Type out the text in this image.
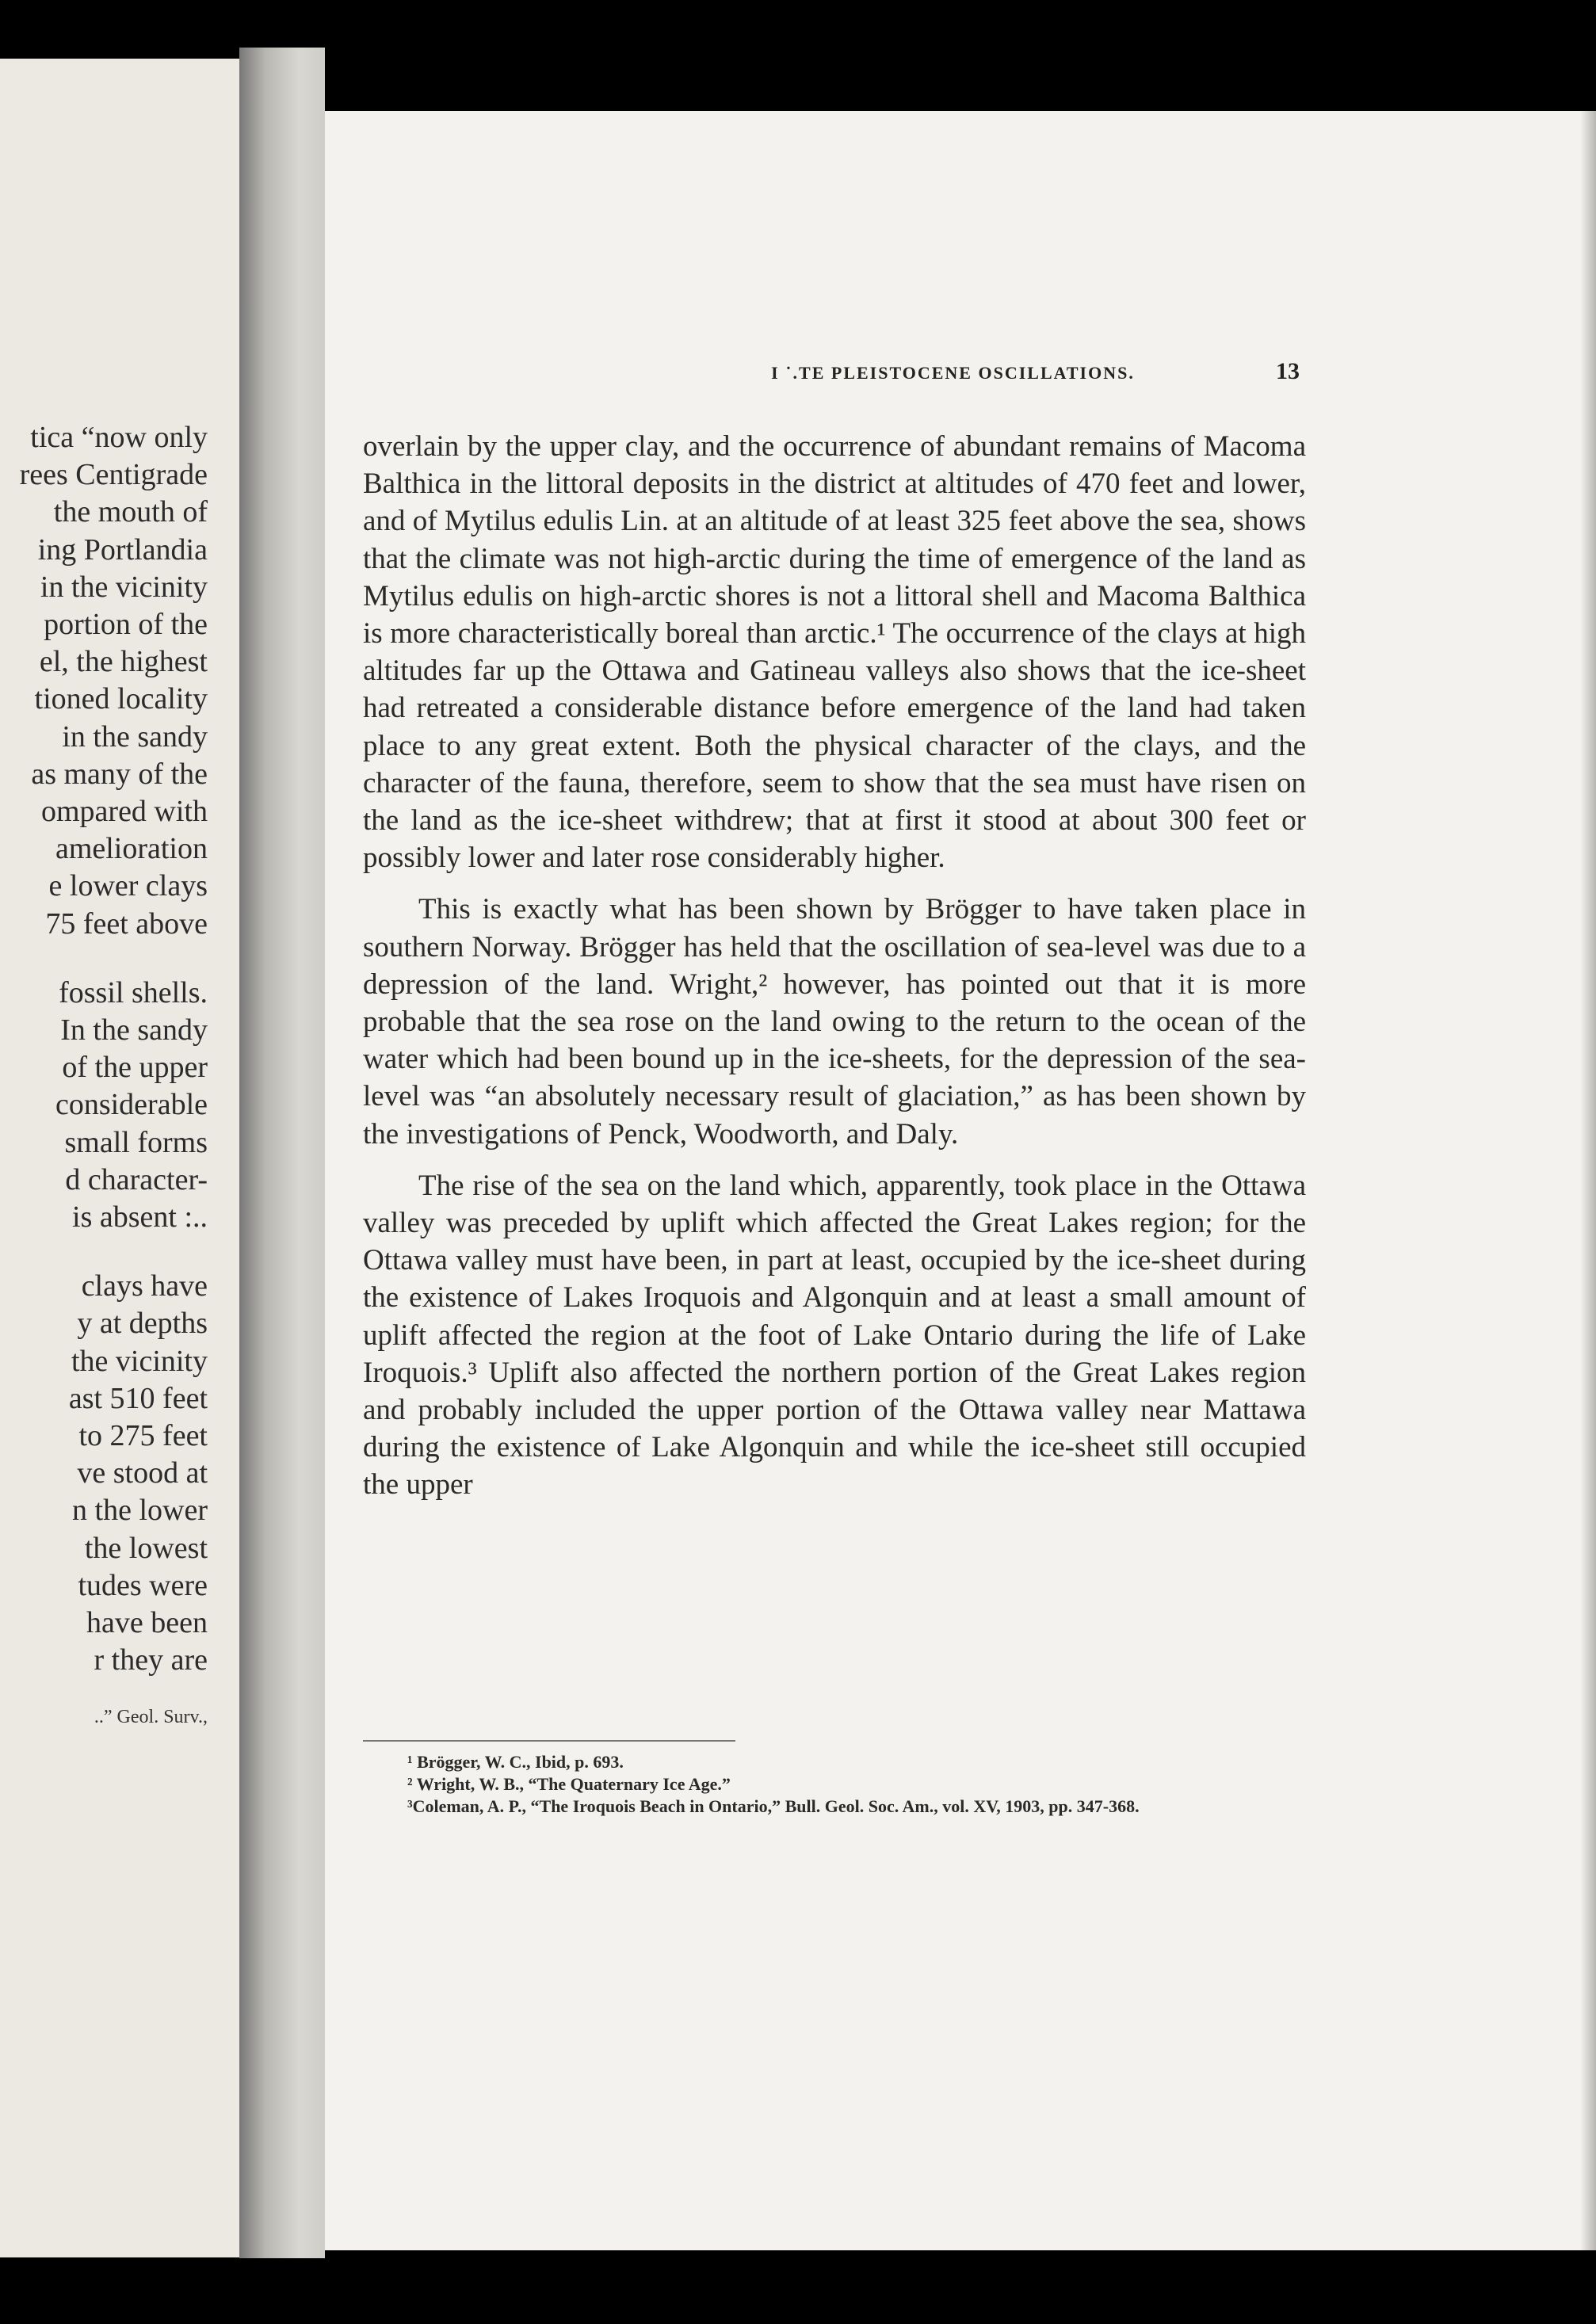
tica “now only
rees Centigrade
the mouth of
ing Portlandia
in the vicinity
portion of the
el, the highest
tioned locality
in the sandy
as many of the
ompared with
amelioration
e lower clays
75 feet above
fossil shells.
In the sandy
of the upper
considerable
small forms
d character-
is absent :..
clays have
y at depths
the vicinity
ast 510 feet
to 275 feet
ve stood at
n the lower
the lowest
tudes were
have been
r they are
..” Geol. Surv.,
I ˙.TE PLEISTOCENE OSCILLATIONS.	13

overlain by the upper clay, and the occurrence of abundant remains of Macoma Balthica in the littoral deposits in the district at altitudes of 470 feet and lower, and of Mytilus edulis Lin. at an altitude of at least 325 feet above the sea, shows that the climate was not high-arctic during the time of emergence of the land as Mytilus edulis on high-arctic shores is not a littoral shell and Macoma Balthica is more characteristically boreal than arctic.¹ The occurrence of the clays at high altitudes far up the Ottawa and Gatineau valleys also shows that the ice-sheet had retreated a considerable distance before emergence of the land had taken place to any great extent. Both the physical character of the clays, and the character of the fauna, therefore, seem to show that the sea must have risen on the land as the ice-sheet withdrew; that at first it stood at about 300 feet or possibly lower and later rose considerably higher.

This is exactly what has been shown by Brögger to have taken place in southern Norway. Brögger has held that the oscillation of sea-level was due to a depression of the land. Wright,² however, has pointed out that it is more probable that the sea rose on the land owing to the return to the ocean of the water which had been bound up in the ice-sheets, for the depression of the sea-level was “an absolutely necessary result of glaciation,” as has been shown by the investigations of Penck, Woodworth, and Daly.

The rise of the sea on the land which, apparently, took place in the Ottawa valley was preceded by uplift which affected the Great Lakes region; for the Ottawa valley must have been, in part at least, occupied by the ice-sheet during the existence of Lakes Iroquois and Algonquin and at least a small amount of uplift affected the region at the foot of Lake Ontario during the life of Lake Iroquois.³ Uplift also affected the northern portion of the Great Lakes region and probably included the upper portion of the Ottawa valley near Mattawa during the existence of Lake Algonquin and while the ice-sheet still occupied the upper

¹ Brögger, W. C., Ibid, p. 693.

² Wright, W. B., “The Quaternary Ice Age.”

³Coleman, A. P., “The Iroquois Beach in Ontario,” Bull. Geol. Soc. Am., vol. XV, 1903, pp. 347-368.
